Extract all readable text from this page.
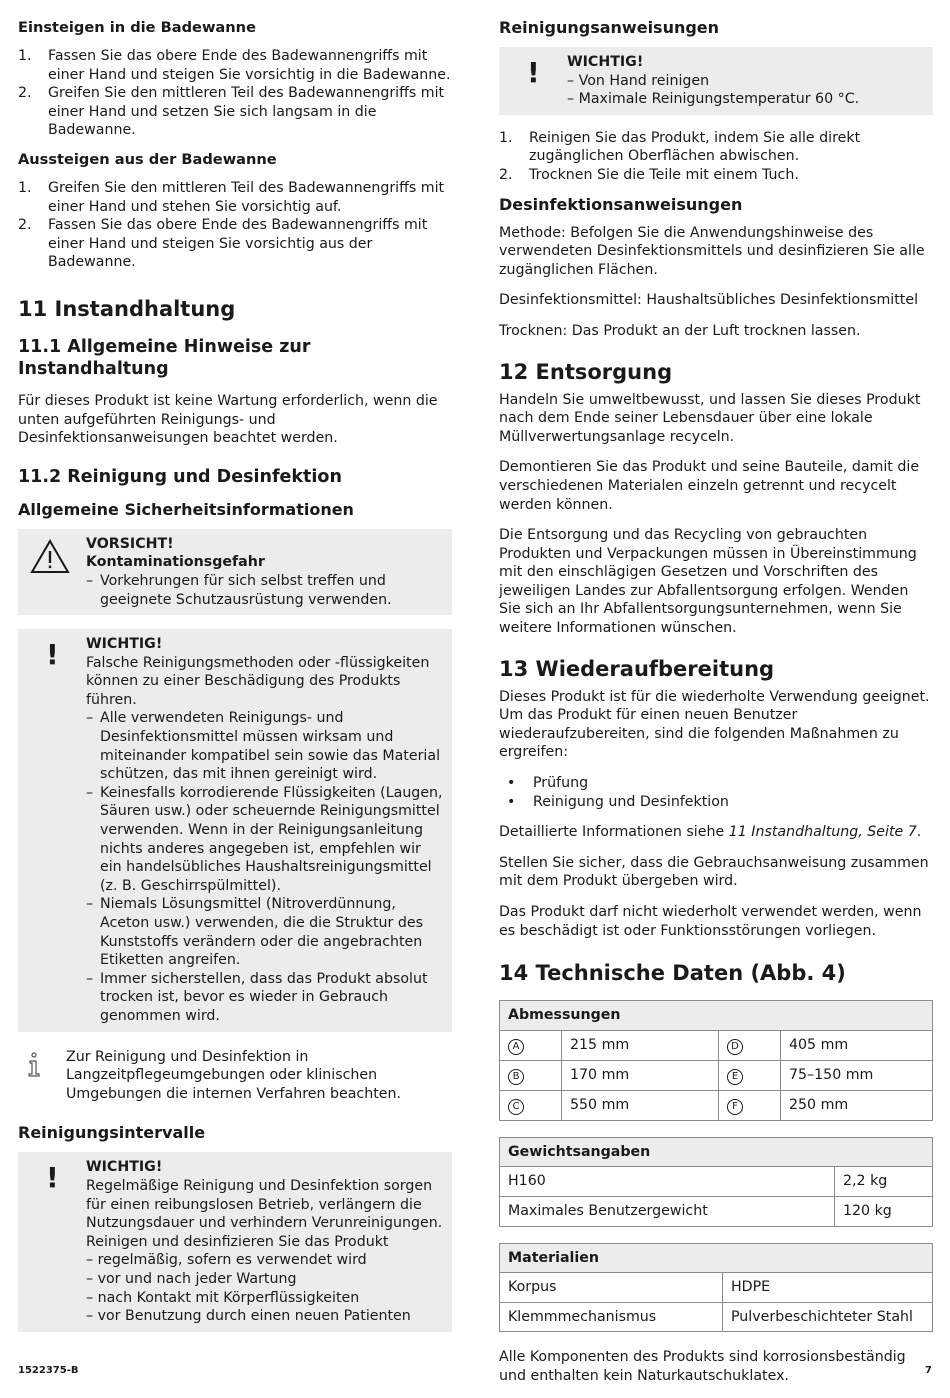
Einsteigen in die Badewanne
1. Fassen Sie das obere Ende des Badewannengriffs mit einer Hand und steigen Sie vorsichtig in die Badewanne.
2. Greifen Sie den mittleren Teil des Badewannengriffs mit einer Hand und setzen Sie sich langsam in die Badewanne.
Aussteigen aus der Badewanne
1. Greifen Sie den mittleren Teil des Badewannengriffs mit einer Hand und stehen Sie vorsichtig auf.
2. Fassen Sie das obere Ende des Badewannengriffs mit einer Hand und steigen Sie vorsichtig aus der Badewanne.
11 Instandhaltung
11.1 Allgemeine Hinweise zur Instandhaltung

Für dieses Produkt ist keine Wartung erforderlich, wenn die unten aufgeführten Reinigungs- und Desinfektionsanweisungen beachtet werden.

11.2 Reinigung und Desinfektion
Allgemeine Sicherheitsinformationen
VORSICHT!
Kontaminationsgefahr
– Vorkehrungen für sich selbst treffen und geeignete Schutzausrüstung verwenden.
!	WICHTIG!
Falsche Reinigungsmethoden oder -flüssigkeiten können zu einer Beschädigung des Produkts führen.
– Alle verwendeten Reinigungs- und Desinfektionsmittel müssen wirksam und miteinander kompatibel sein sowie das Material schützen, das mit ihnen gereinigt wird.
– Keinesfalls korrodierende Flüssigkeiten (Laugen, Säuren usw.) oder scheuernde Reinigungsmittel verwenden. Wenn in der Reinigungsanleitung nichts anderes angegeben ist, empfehlen wir ein handelsübliches Haushaltsreinigungsmittel (z. B. Geschirrspülmittel).
– Niemals Lösungsmittel (Nitroverdünnung, Aceton usw.) verwenden, die die Struktur des Kunststoffs verändern oder die angebrachten Etiketten angreifen.
– Immer sicherstellen, dass das Produkt absolut trocken ist, bevor es wieder in Gebrauch genommen wird.
Zur Reinigung und Desinfektion in Langzeitpflegeumgebungen oder klinischen Umgebungen die internen Verfahren beachten.
Reinigungsintervalle
!	WICHTIG!
Regelmäßige Reinigung und Desinfektion sorgen für einen reibungslosen Betrieb, verlängern die Nutzungsdauer und verhindern Verunreinigungen.
Reinigen und desinfizieren Sie das Produkt
– regelmäßig, sofern es verwendet wird
– vor und nach jeder Wartung
– nach Kontakt mit Körperflüssigkeiten
– vor Benutzung durch einen neuen Patienten
Reinigungsanweisungen
!	WICHTIG!
– Von Hand reinigen
– Maximale Reinigungstemperatur 60 °C.
1. Reinigen Sie das Produkt, indem Sie alle direkt zugänglichen Oberflächen abwischen.
2. Trocknen Sie die Teile mit einem Tuch.
Desinfektionsanweisungen

Methode: Befolgen Sie die Anwendungshinweise des verwendeten Desinfektionsmittels und desinfizieren Sie alle zugänglichen Flächen.

Desinfektionsmittel: Haushaltsübliches Desinfektionsmittel

Trocknen: Das Produkt an der Luft trocknen lassen.

12 Entsorgung

Handeln Sie umweltbewusst, und lassen Sie dieses Produkt nach dem Ende seiner Lebensdauer über eine lokale Müllverwertungsanlage recyceln.

Demontieren Sie das Produkt und seine Bauteile, damit die verschiedenen Materialen einzeln getrennt und recycelt werden können.

Die Entsorgung und das Recycling von gebrauchten Produkten und Verpackungen müssen in Übereinstimmung mit den einschlägigen Gesetzen und Vorschriften des jeweiligen Landes zur Abfallentsorgung erfolgen. Wenden Sie sich an Ihr Abfallentsorgungsunternehmen, wenn Sie weitere Informationen wünschen.

13 Wiederaufbereitung

Dieses Produkt ist für die wiederholte Verwendung geeignet. Um das Produkt für einen neuen Benutzer wiederaufzubereiten, sind die folgenden Maßnahmen zu ergreifen:

• Prüfung
• Reinigung und Desinfektion

Detaillierte Informationen siehe 11 Instandhaltung, Seite 7.

Stellen Sie sicher, dass die Gebrauchsanweisung zusammen mit dem Produkt übergeben wird.

Das Produkt darf nicht wiederholt verwendet werden, wenn es beschädigt ist oder Funktionsstörungen vorliegen.

14 Technische Daten (Abb. 4)
Abmessungen			
A	215 mm	D	405 mm
B	170 mm	E	75–150 mm
C	550 mm	F	250 mm
Gewichtsangaben	
H160	2,2 kg
Maximales Benutzergewicht	120 kg
Materialien	
Korpus	HDPE
Klemmmechanismus	Pulverbeschichteter Stahl

Alle Komponenten des Produkts sind korrosionsbeständig und enthalten kein Naturkautschuklatex.

1522375-B	7
